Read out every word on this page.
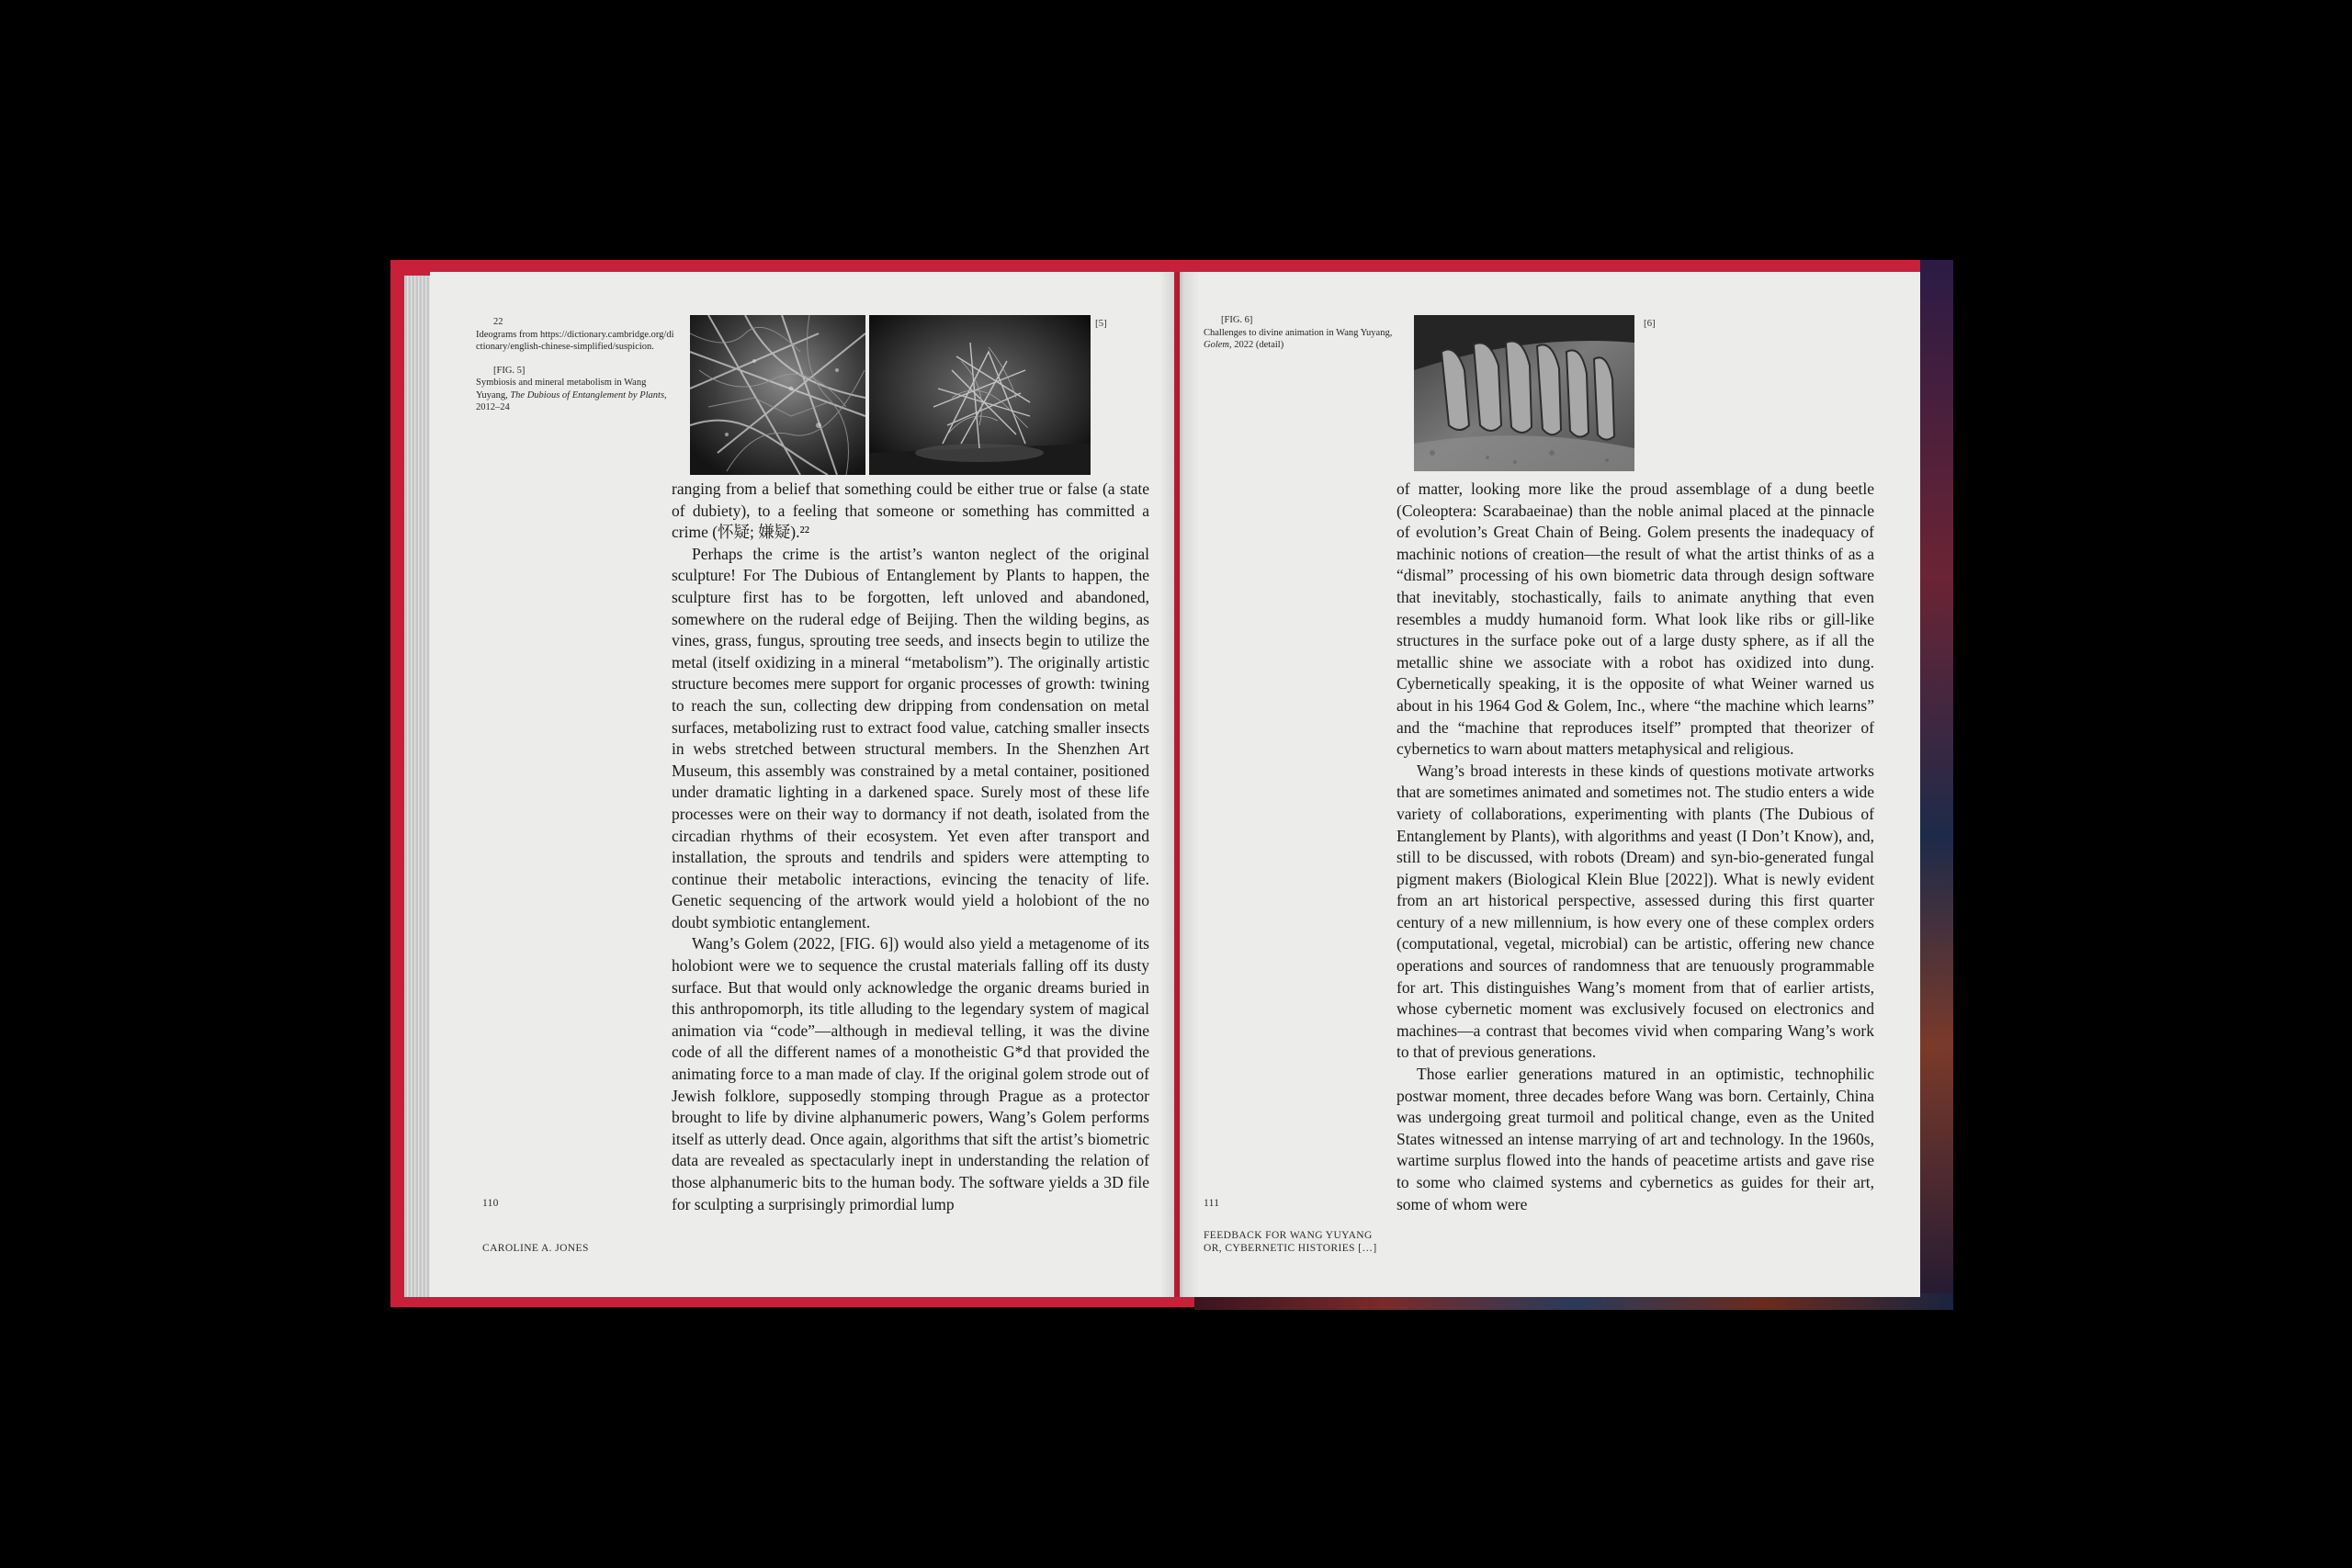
22
Ideograms from https://dictionary.cambridge.org/dictionary/english-chinese-simplified/suspicion.
[FIG. 5]
Symbiosis and mineral metabolism in Wang Yuyang, The Dubious of Entanglement by Plants, 2012–24
[5]

ranging from a belief that something could be either true or false (a state of dubiety), to a feeling that someone or something has committed a crime (怀疑; 嫌疑).²²

Perhaps the crime is the artist’s wanton neglect of the original sculpture! For The Dubious of Entanglement by Plants to happen, the sculpture first has to be forgotten, left unloved and abandoned, somewhere on the ruderal edge of Beijing. Then the wilding begins, as vines, grass, fungus, sprouting tree seeds, and insects begin to utilize the metal (itself oxidizing in a mineral “metabolism”). The originally artistic structure becomes mere support for organic processes of growth: twining to reach the sun, collecting dew dripping from condensation on metal surfaces, metabolizing rust to extract food value, catching smaller insects in webs stretched between structural members. In the Shenzhen Art Museum, this assembly was constrained by a metal container, positioned under dramatic lighting in a darkened space. Surely most of these life processes were on their way to dormancy if not death, isolated from the circadian rhythms of their ecosystem. Yet even after transport and installation, the sprouts and tendrils and spiders were attempting to continue their metabolic interactions, evincing the tenacity of life. Genetic sequencing of the artwork would yield a holobiont of the no doubt symbiotic entanglement.

Wang’s Golem (2022, [FIG. 6]) would also yield a metagenome of its holobiont were we to sequence the crustal materials falling off its dusty surface. But that would only acknowledge the organic dreams buried in this anthropomorph, its title alluding to the legendary system of magical animation via “code”—although in medieval telling, it was the divine code of all the different names of a monotheistic G*d that provided the animating force to a man made of clay. If the original golem strode out of Jewish folklore, supposedly stomping through Prague as a protector brought to life by divine alphanumeric powers, Wang’s Golem performs itself as utterly dead. Once again, algorithms that sift the artist’s biometric data are revealed as spectacularly inept in understanding the relation of those alphanumeric bits to the human body. The software yields a 3D file for sculpting a surprisingly primordial lump

110
CAROLINE A. JONES
[FIG. 6]
Challenges to divine animation in Wang Yuyang, Golem, 2022 (detail)
[6]

of matter, looking more like the proud assemblage of a dung beetle (Coleoptera: Scarabaeinae) than the noble animal placed at the pinnacle of evolution’s Great Chain of Being. Golem presents the inadequacy of machinic notions of creation—the result of what the artist thinks of as a “dismal” processing of his own biometric data through design software that inevitably, stochastically, fails to animate anything that even resembles a muddy humanoid form. What look like ribs or gill-like structures in the surface poke out of a large dusty sphere, as if all the metallic shine we associate with a robot has oxidized into dung. Cybernetically speaking, it is the opposite of what Weiner warned us about in his 1964 God & Golem, Inc., where “the machine which learns” and the “machine that reproduces itself” prompted that theorizer of cybernetics to warn about matters metaphysical and religious.

Wang’s broad interests in these kinds of questions motivate artworks that are sometimes animated and sometimes not. The studio enters a wide variety of collaborations, experimenting with plants (The Dubious of Entanglement by Plants), with algorithms and yeast (I Don’t Know), and, still to be discussed, with robots (Dream) and syn-bio-generated fungal pigment makers (Biological Klein Blue [2022]). What is newly evident from an art historical perspective, assessed during this first quarter century of a new millennium, is how every one of these complex orders (computational, vegetal, microbial) can be artistic, offering new chance operations and sources of randomness that are tenuously programmable for art. This distinguishes Wang’s moment from that of earlier artists, whose cybernetic moment was exclusively focused on electronics and machines—a contrast that becomes vivid when comparing Wang’s work to that of previous generations.

Those earlier generations matured in an optimistic, technophilic postwar moment, three decades before Wang was born. Certainly, China was undergoing great turmoil and political change, even as the United States witnessed an intense marrying of art and technology. In the 1960s, wartime surplus flowed into the hands of peacetime artists and gave rise to some who claimed systems and cybernetics as guides for their art, some of whom were

111
FEEDBACK FOR WANG YUYANG
OR, CYBERNETIC HISTORIES […]
